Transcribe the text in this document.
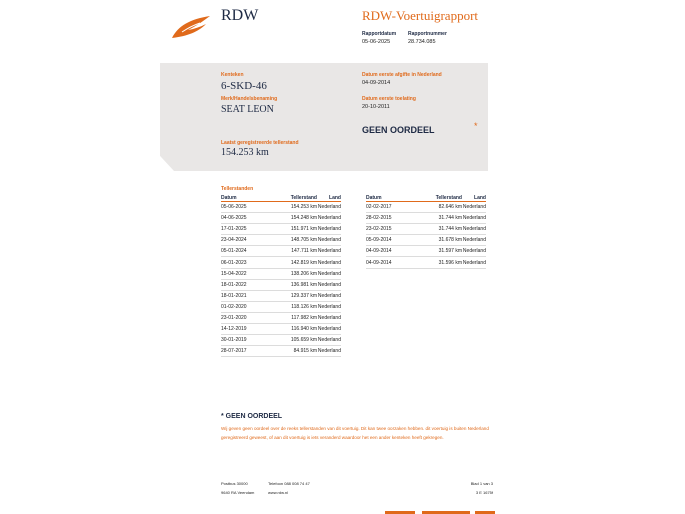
RDW	RDW-Voertuigrapport
Rapportdatum
05-06-2025
Rapportnummer
28.734.085
Kenteken
6-SKD-46
Merk/Handelsbenaming
SEAT LEON
Datum eerste afgifte in Nederland
04-09-2014
Datum eerste toelating
20-10-2011
GEEN OORDEEL	*
Laatst geregistreerde tellerstand
154.253 km
Tellerstanden
Datum	Tellerstand	Land
05-06-2025	154.253 km	Nederland
04-06-2025	154.248 km	Nederland
17-01-2025	151.971 km	Nederland
23-04-2024	148.705 km	Nederland
05-01-2024	147.711 km	Nederland
06-01-2023	142.819 km	Nederland
15-04-2022	138.206 km	Nederland
18-01-2022	136.981 km	Nederland
18-01-2021	129.337 km	Nederland
01-02-2020	118.126 km	Nederland
23-01-2020	117.982 km	Nederland
14-12-2019	116.940 km	Nederland
30-01-2019	105.659 km	Nederland
28-07-2017	84.915 km	Nederland
Datum	Tellerstand	Land
02-02-2017	82.646 km	Nederland
28-02-2015	31.744 km	Nederland
23-02-2015	31.744 km	Nederland
05-09-2014	31.678 km	Nederland
04-09-2014	31.597 km	Nederland
04-09-2014	31.596 km	Nederland
* GEEN OORDEEL
Wij geven geen oordeel over de reeks tellerstanden van dit voertuig. Dit kan twee oorzaken hebben. dit voertuig is buiten Nederland geregistreerd geweest, of aan dit voertuig is iets veranderd waardoor het een ander kenteken heeft gekregen.
Postbus 30000
9640 RA Veendam
Telefoon 088 008 74 47
www.rdw.nl
Blad 1 van 3
3 E 1675f
